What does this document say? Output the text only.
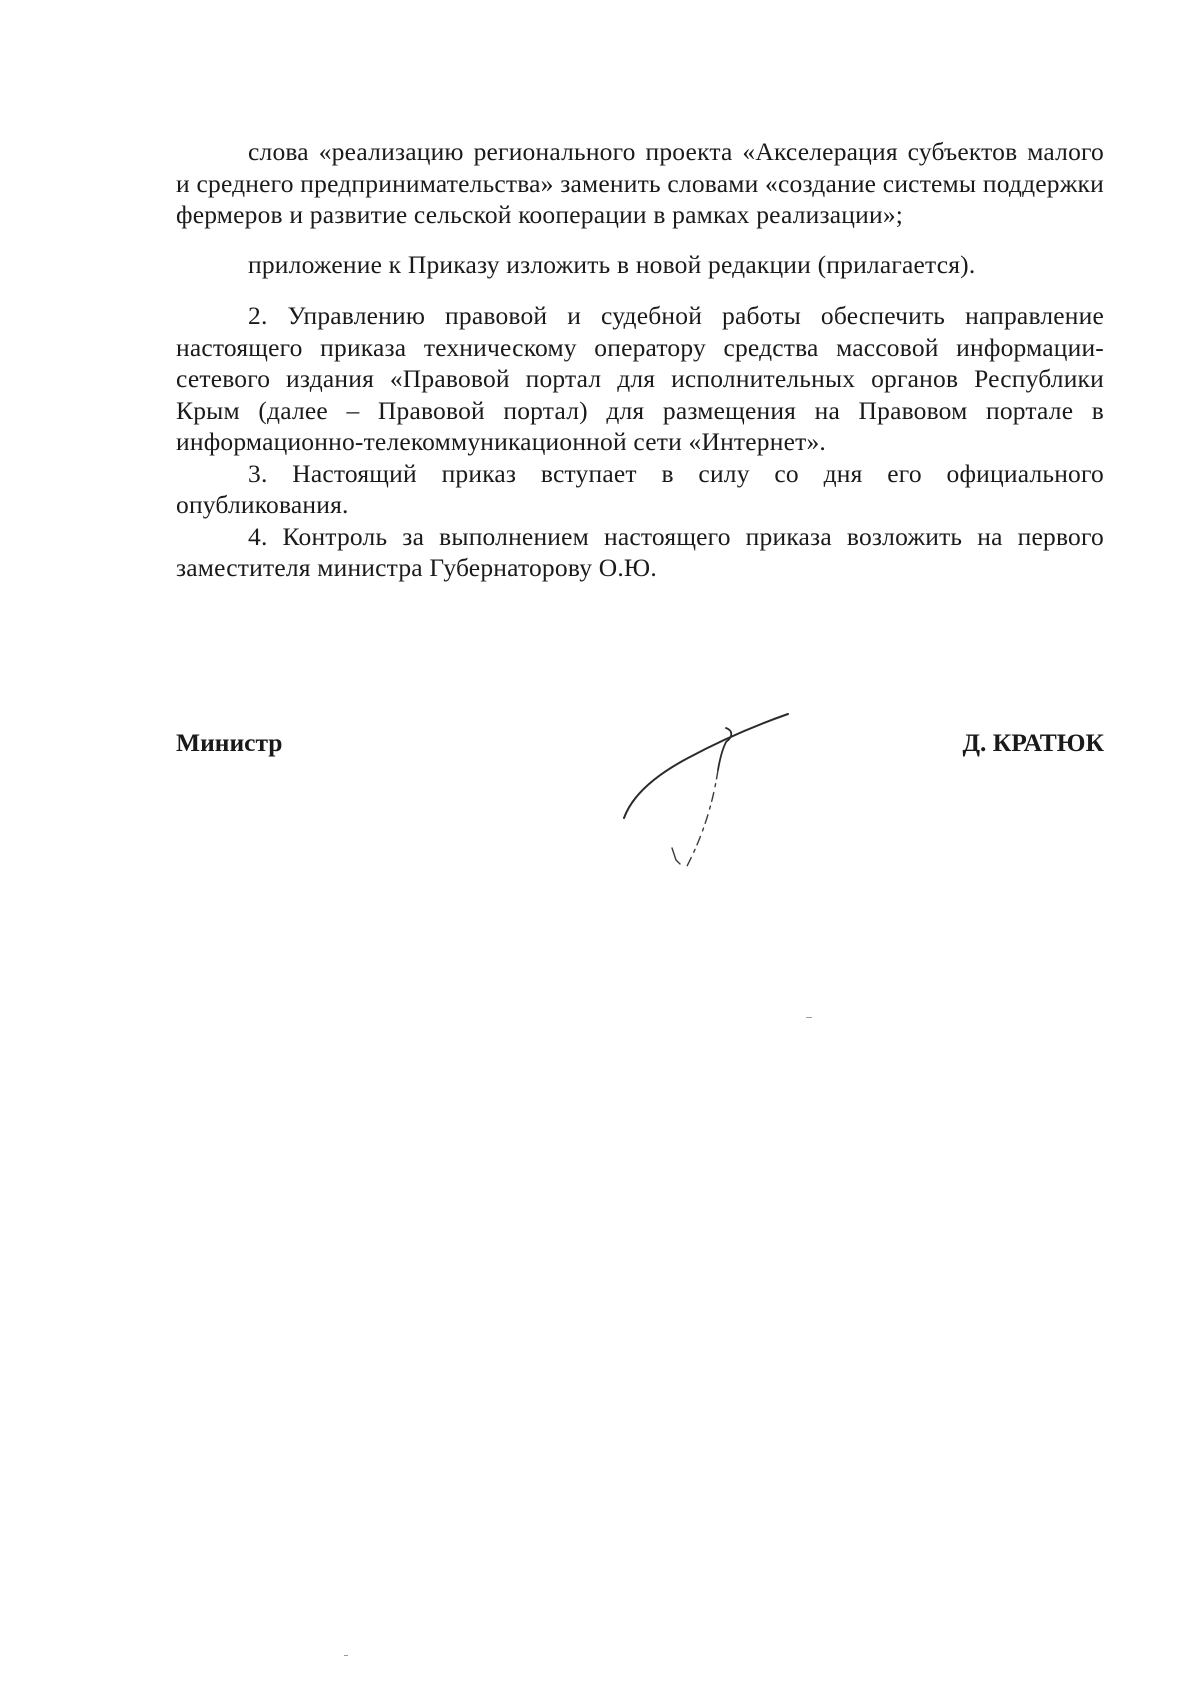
слова «реализацию регионального проекта «Акселерация субъектов малого и среднего предпринимательства» заменить словами «создание системы поддержки фермеров и развитие сельской кооперации в рамках реализации»;

приложение к Приказу изложить в новой редакции (прилагается).

2. Управлению правовой и судебной работы обеспечить направление настоящего приказа техническому оператору средства массовой информации-сетевого издания «Правовой портал для исполнительных органов Республики Крым (далее – Правовой портал) для размещения на Правовом портале в информационно-телекоммуникационной сети «Интернет».

3. Настоящий приказ вступает в силу со дня его официального опубликования.

4. Контроль за выполнением настоящего приказа возложить на первого заместителя министра Губернаторову О.Ю.

Министр	Д. КРАТЮК
